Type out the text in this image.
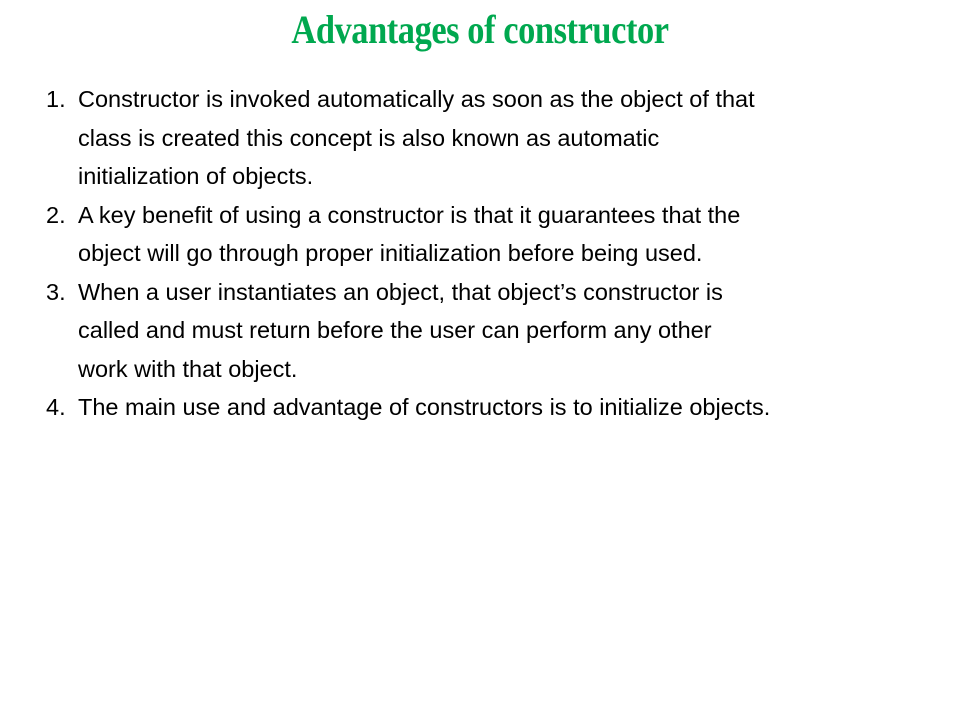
Advantages of constructor
1. Constructor is invoked automatically as soon as the object of that
class is created this concept is also known as automatic
initialization of objects.
2. A key benefit of using a constructor is that it guarantees that the
object will go through proper initialization before being used.
3. When a user instantiates an object, that object’s constructor is
called and must return before the user can perform any other
work with that object.
4. The main use and advantage of constructors is to initialize objects.
